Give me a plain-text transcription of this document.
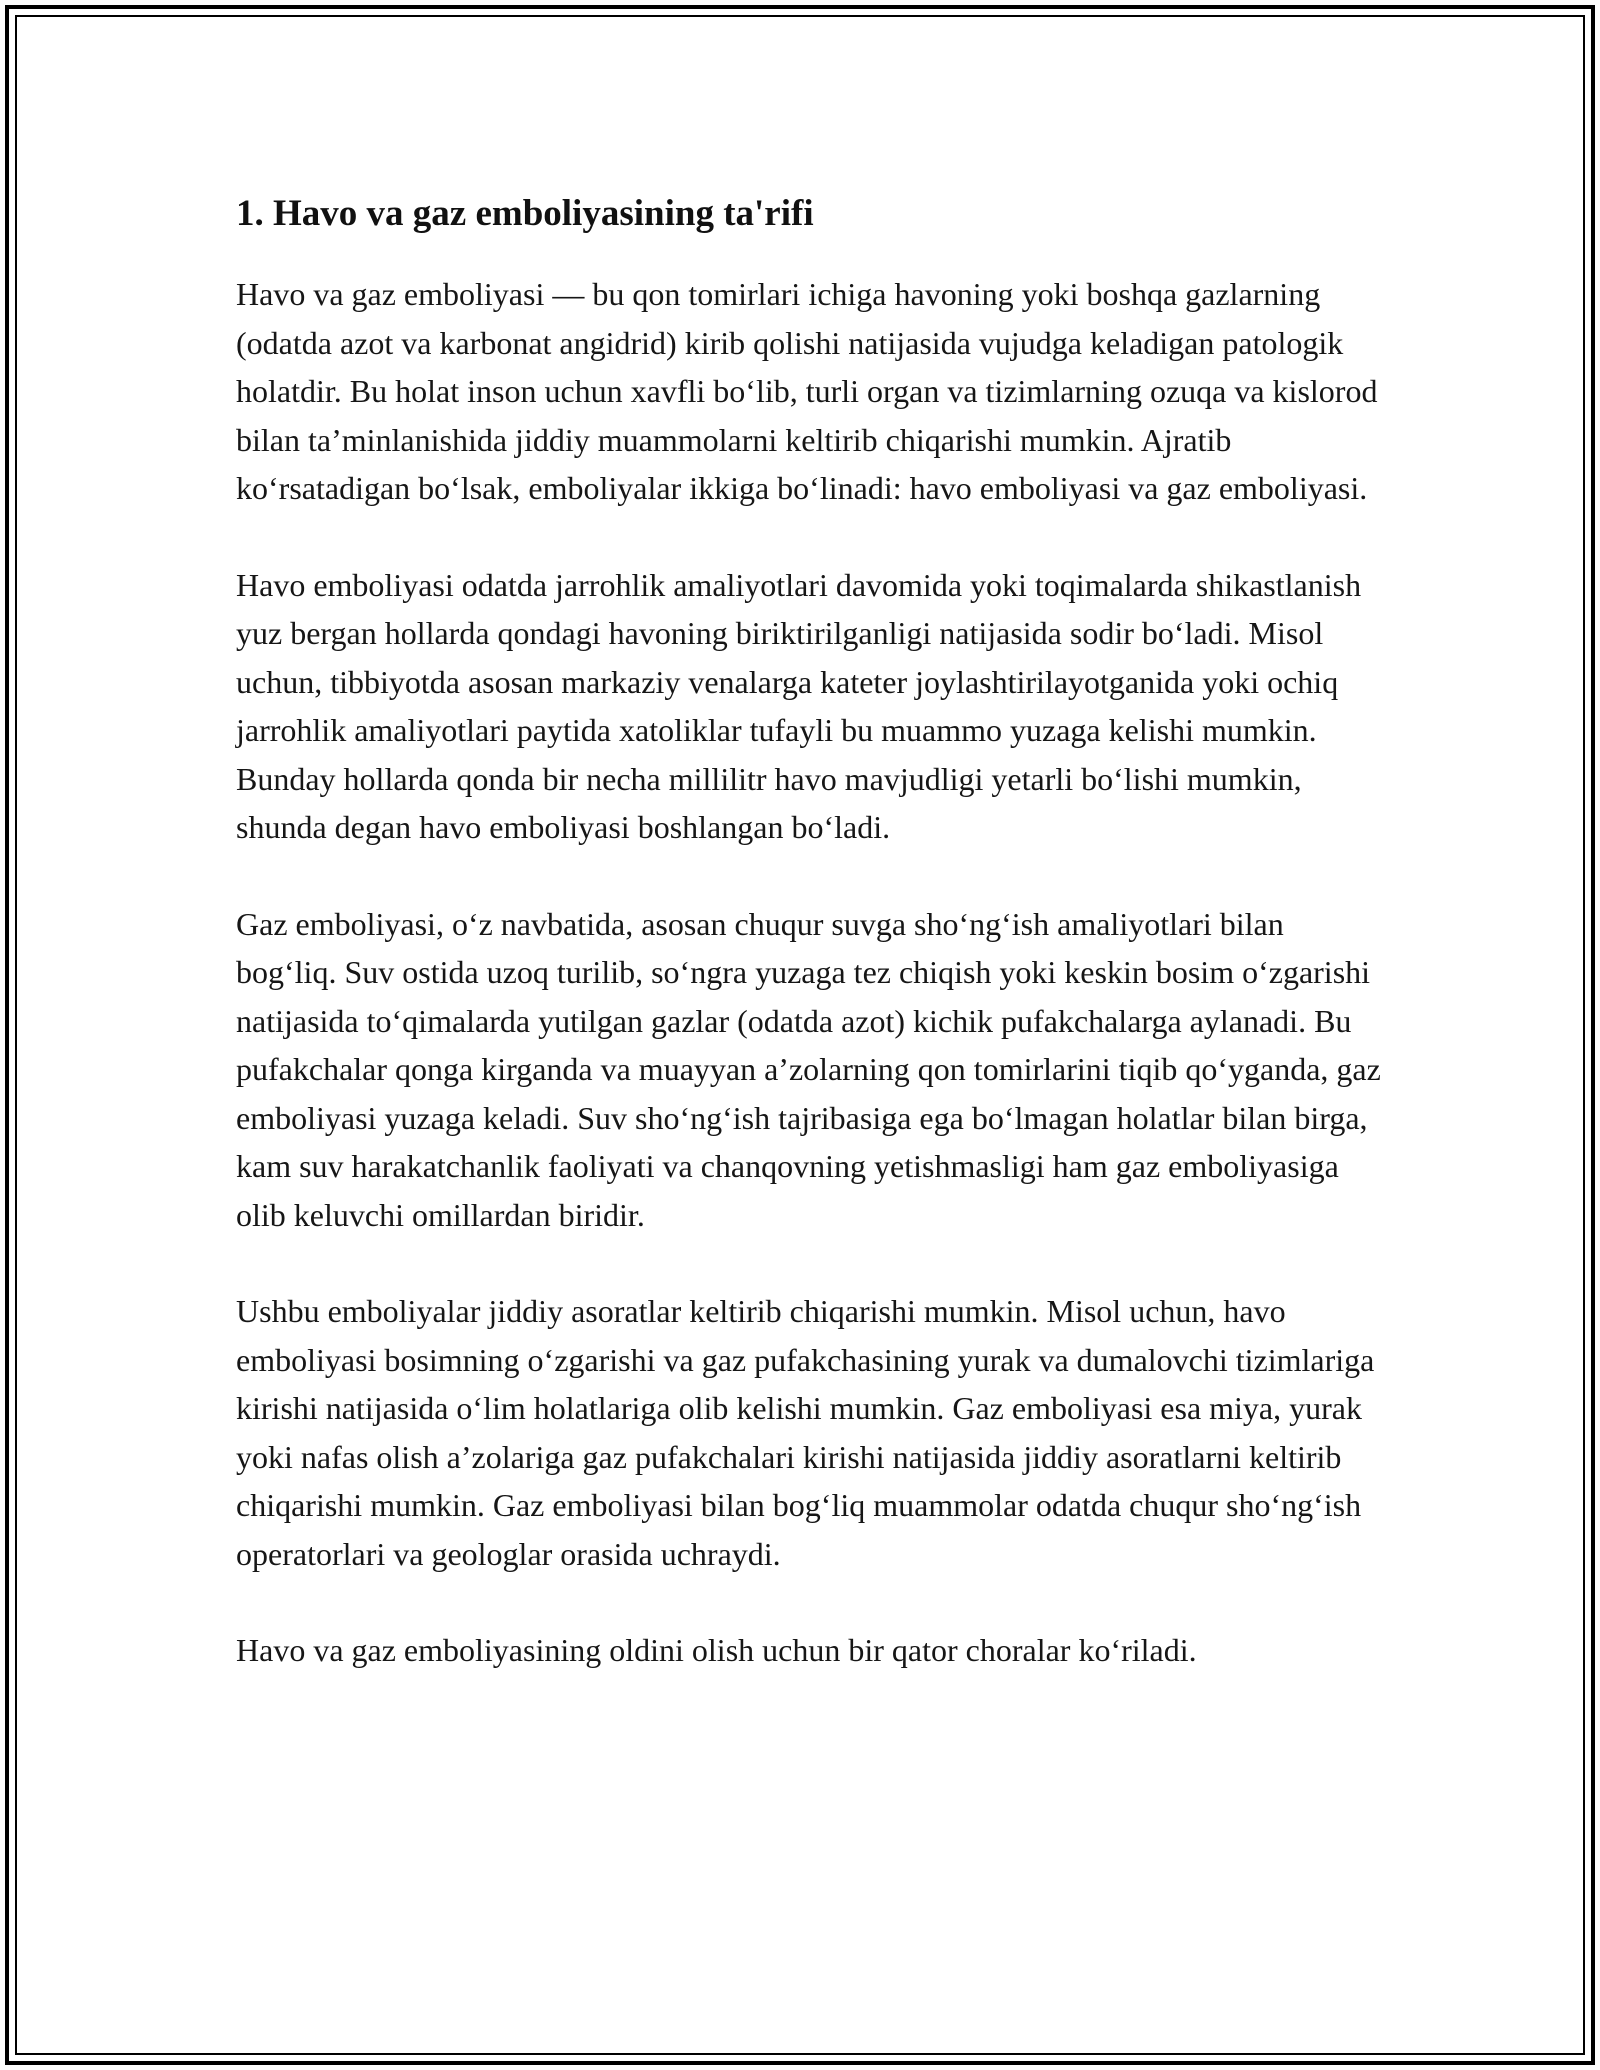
1. Havo va gaz emboliyasining ta'rifi

Havo va gaz emboliyasi — bu qon tomirlari ichiga havoning yoki boshqa gazlarning (odatda azot va karbonat angidrid) kirib qolishi natijasida vujudga keladigan patologik holatdir. Bu holat inson uchun xavfli bo‘lib, turli organ va tizimlarning ozuqa va kislorod bilan ta’minlanishida jiddiy muammolarni keltirib chiqarishi mumkin. Ajratib ko‘rsatadigan bo‘lsak, emboliyalar ikkiga bo‘linadi: havo emboliyasi va gaz emboliyasi.

Havo emboliyasi odatda jarrohlik amaliyotlari davomida yoki toqimalarda shikastlanish yuz bergan hollarda qondagi havoning biriktirilganligi natijasida sodir bo‘ladi. Misol uchun, tibbiyotda asosan markaziy venalarga kateter joylashtirilayotganida yoki ochiq jarrohlik amaliyotlari paytida xatoliklar tufayli bu muammo yuzaga kelishi mumkin. Bunday hollarda qonda bir necha millilitr havo mavjudligi yetarli bo‘lishi mumkin, shunda degan havo emboliyasi boshlangan bo‘ladi.

Gaz emboliyasi, o‘z navbatida, asosan chuqur suvga sho‘ng‘ish amaliyotlari bilan bog‘liq. Suv ostida uzoq turilib, so‘ngra yuzaga tez chiqish yoki keskin bosim o‘zgarishi natijasida to‘qimalarda yutilgan gazlar (odatda azot) kichik pufakchalarga aylanadi. Bu pufakchalar qonga kirganda va muayyan a’zolarning qon tomirlarini tiqib qo‘yganda, gaz emboliyasi yuzaga keladi. Suv sho‘ng‘ish tajribasiga ega bo‘lmagan holatlar bilan birga, kam suv harakatchanlik faoliyati va chanqovning yetishmasligi ham gaz emboliyasiga olib keluvchi omillardan biridir.

Ushbu emboliyalar jiddiy asoratlar keltirib chiqarishi mumkin. Misol uchun, havo emboliyasi bosimning o‘zgarishi va gaz pufakchasining yurak va dumalovchi tizimlariga kirishi natijasida o‘lim holatlariga olib kelishi mumkin. Gaz emboliyasi esa miya, yurak yoki nafas olish a’zolariga gaz pufakchalari kirishi natijasida jiddiy asoratlarni keltirib chiqarishi mumkin. Gaz emboliyasi bilan bog‘liq muammolar odatda chuqur sho‘ng‘ish operatorlari va geologlar orasida uchraydi.

Havo va gaz emboliyasining oldini olish uchun bir qator choralar ko‘riladi.
